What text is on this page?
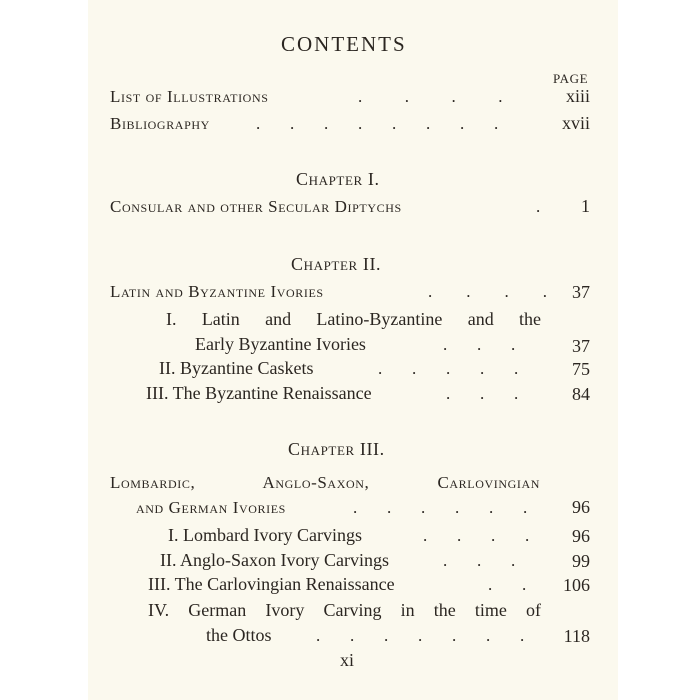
CONTENTS
PAGE
List of Illustrations	.          .          .          .	xiii
Bibliography	.       .       .       .       .       .       .       .	xvii
Chapter I.
Consular and other Secular Diptychs	.	1
Chapter II.
Latin and Byzantine Ivories	.        .        .        .	37
I. Latin and Latino-Byzantine and the
Early Byzantine Ivories	.       .       .	37
II. Byzantine Caskets	.       .       .       .       .	75
III. The Byzantine Renaissance	.       .       .	84
Chapter III.
Lombardic, Anglo-Saxon, Carlovingian
and German Ivories	.       .       .       .       .       .	96
I. Lombard Ivory Carvings	.       .       .       .	96
II. Anglo-Saxon Ivory Carvings	.       .       .	99
III. The Carlovingian Renaissance	.       .	106
IV. German Ivory Carving in the time of
the Ottos	.       .       .       .       .       .       .	118
xi
